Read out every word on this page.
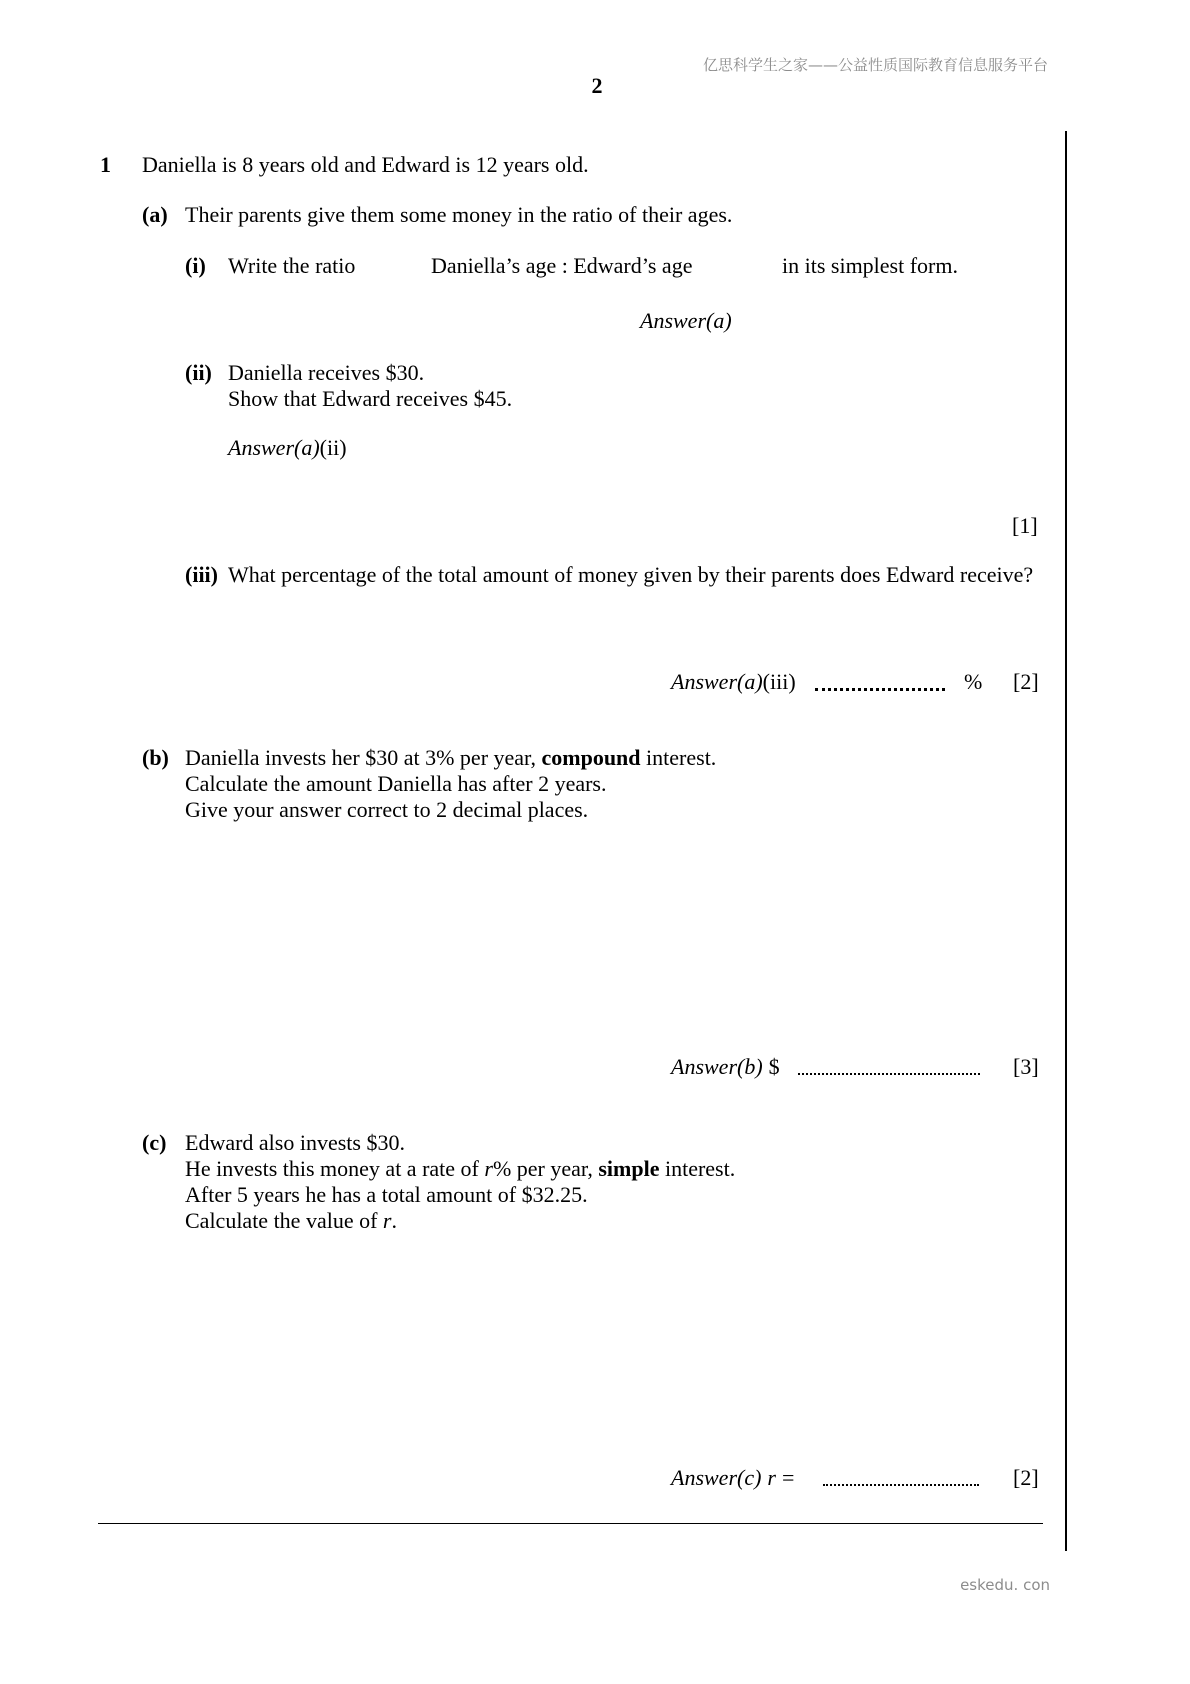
亿思科学生之家——公益性质国际教育信息服务平台
2
1 Daniella is 8 years old and Edward is 12 years old.
(a) Their parents give them some money in the ratio of their ages.
(i) Write the ratio	Daniella’s age : Edward’s age	in its simplest form.
Answer(a)
(ii) Daniella receives $30.
Show that Edward receives $45.
Answer(a)(ii)
[1]
(iii) What percentage of the total amount of money given by their parents does Edward receive?
Answer(a)(iii)	% [2]
(b) Daniella invests her $30 at 3% per year, compound interest.
Calculate the amount Daniella has after 2 years.
Give your answer correct to 2 decimal places.
Answer(b) $	[3]
(c) Edward also invests $30.
He invests this money at a rate of r% per year, simple interest.
After 5 years he has a total amount of $32.25.
Calculate the value of r.
Answer(c) r =	[2]
eskedu. con
